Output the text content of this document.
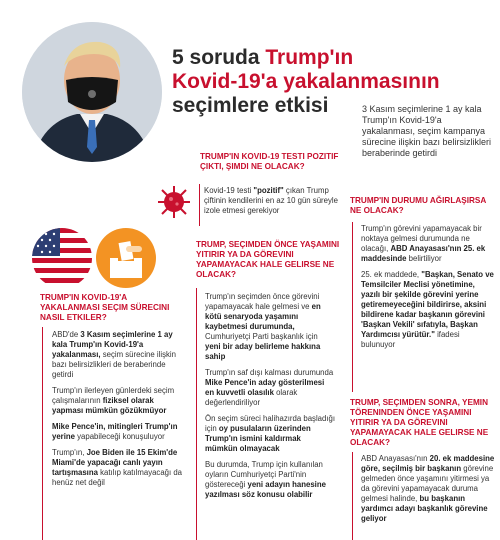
5 soruda Trump'ın
Kovid-19'a yakalanmasının
seçimlere etkisi	3 Kasım seçimlerine 1 ay kala Trump'ın Kovid-19'a yakalanması, seçim kampanya sürecine ilişkin bazı belirsizlikleri beraberinde getirdi
TRUMP'IN KOVID-19 TESTI POZITIF ÇIKTI, ŞIMDI NE OLACAK?

Kovid-19 testi "pozitif" çıkan Trump çiftinin kendilerini en az 10 gün süreyle izole etmesi gerekiyor

TRUMP'IN KOVID-19'A YAKALANMASI SEÇIM SÜRECINI NASIL ETKILER?

ABD'de 3 Kasım seçimlerine 1 ay kala Trump'ın Kovid-19'a yakalanması, seçim sürecine ilişkin bazı belirsizlikleri de beraberinde getirdi

Trump'ın ilerleyen günlerdeki seçim çalışmalarının fiziksel olarak yapması mümkün gözükmüyor

Mike Pence'in, mitingleri Trump'ın yerine yapabileceği konuşuluyor

Trump'ın, Joe Biden ile 15 Ekim'de Miami'de yapacağı canlı yayın tartışmasına katılıp katılmayacağı da henüz net değil

TRUMP, SEÇIMDEN ÖNCE YAŞAMINI YITIRIR YA DA GÖREVINI YAPAMAYACAK HALE GELIRSE NE OLACAK?

Trump'ın seçimden önce görevini yapamayacak hale gelmesi ve en kötü senaryoda yaşamını kaybetmesi durumunda, Cumhuriyetçi Parti başkanlık için yeni bir aday belirleme hakkına sahip

Trump'ın saf dışı kalması durumunda Mike Pence'in aday gösterilmesi en kuvvetli olasılık olarak değerlendiriliyor

Ön seçim süreci halihazırda başladığı için oy pusulaların üzerinden Trump'ın ismini kaldırmak mümkün olmayacak

Bu durumda, Trump için kullanılan oyların Cumhuriyetçi Parti'nin göstereceği yeni adayın hanesine yazılması söz konusu olabilir

TRUMP'IN DURUMU AĞIRLAŞIRSA NE OLACAK?

Trump'ın görevini yapamayacak bir noktaya gelmesi durumunda ne olacağı, ABD Anayasası'nın 25. ek maddesinde belirtiliyor

25. ek maddede, "Başkan, Senato ve Temsilciler Meclisi yönetimine, yazılı bir şekilde görevini yerine getiremeyeceğini bildirirse, aksini bildirene kadar başkanın görevini 'Başkan Vekili' sıfatıyla, Başkan Yardımcısı yürütür." ifadesi bulunuyor

TRUMP, SEÇIMDEN SONRA, YEMIN TÖRENINDEN ÖNCE YAŞAMINI YITIRIR YA DA GÖREVINI YAPAMAYACAK HALE GELIRSE NE OLACAK?

ABD Anayasası'nın 20. ek maddesine göre, seçilmiş bir başkanın görevine gelmeden önce yaşamını yitirmesi ya da görevini yapamayacak duruma gelmesi halinde, bu başkanın yardımcı adayı başkanlık görevine geliyor
